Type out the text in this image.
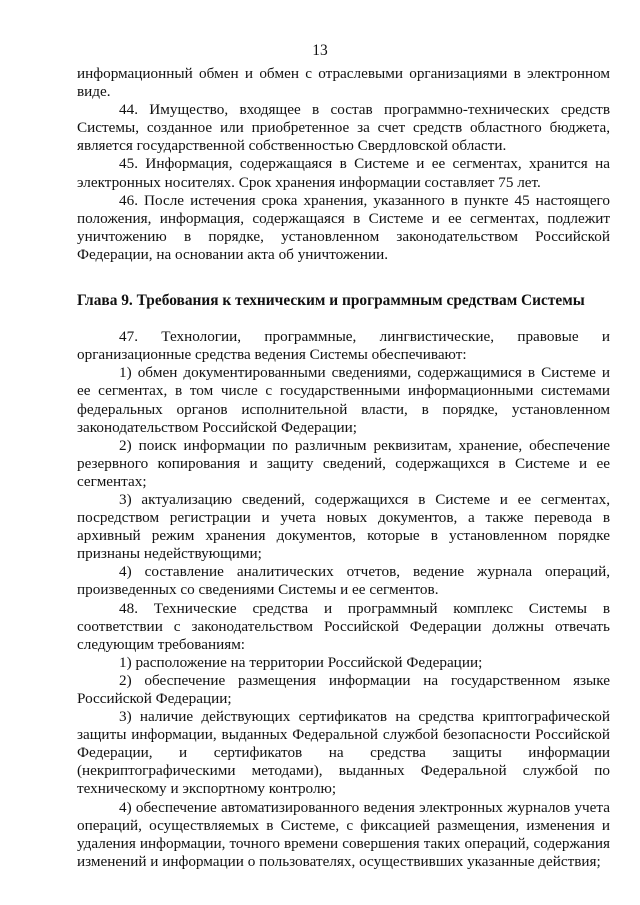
13

информационный обмен и обмен с отраслевыми организациями в электронном виде.

44. Имущество, входящее в состав программно-технических средств Системы, созданное или приобретенное за счет средств областного бюджета, является государственной собственностью Свердловской области.

45. Информация, содержащаяся в Системе и ее сегментах, хранится на электронных носителях. Срок хранения информации составляет 75 лет.

46. После истечения срока хранения, указанного в пункте 45 настоящего положения, информация, содержащаяся в Системе и ее сегментах, подлежит уничтожению в порядке, установленном законодательством Российской Федерации, на основании акта об уничтожении.

Глава 9. Требования к техническим и программным средствам Системы

47. Технологии, программные, лингвистические, правовые и организационные средства ведения Системы обеспечивают:

1) обмен документированными сведениями, содержащимися в Системе и ее сегментах, в том числе с государственными информационными системами федеральных органов исполнительной власти, в порядке, установленном законодательством Российской Федерации;

2) поиск информации по различным реквизитам, хранение, обеспечение резервного копирования и защиту сведений, содержащихся в Системе и ее сегментах;

3) актуализацию сведений, содержащихся в Системе и ее сегментах, посредством регистрации и учета новых документов, а также перевода в архивный режим хранения документов, которые в установленном порядке признаны недействующими;

4) составление аналитических отчетов, ведение журнала операций, произведенных со сведениями Системы и ее сегментов.

48. Технические средства и программный комплекс Системы в соответствии с законодательством Российской Федерации должны отвечать следующим требованиям:

1) расположение на территории Российской Федерации;

2) обеспечение размещения информации на государственном языке Российской Федерации;

3) наличие действующих сертификатов на средства криптографической защиты информации, выданных Федеральной службой безопасности Российской Федерации, и сертификатов на средства защиты информации (некриптографическими методами), выданных Федеральной службой по техническому и экспортному контролю;

4) обеспечение автоматизированного ведения электронных журналов учета операций, осуществляемых в Системе, с фиксацией размещения, изменения и удаления информации, точного времени совершения таких операций, содержания изменений и информации о пользователях, осуществивших указанные действия;
